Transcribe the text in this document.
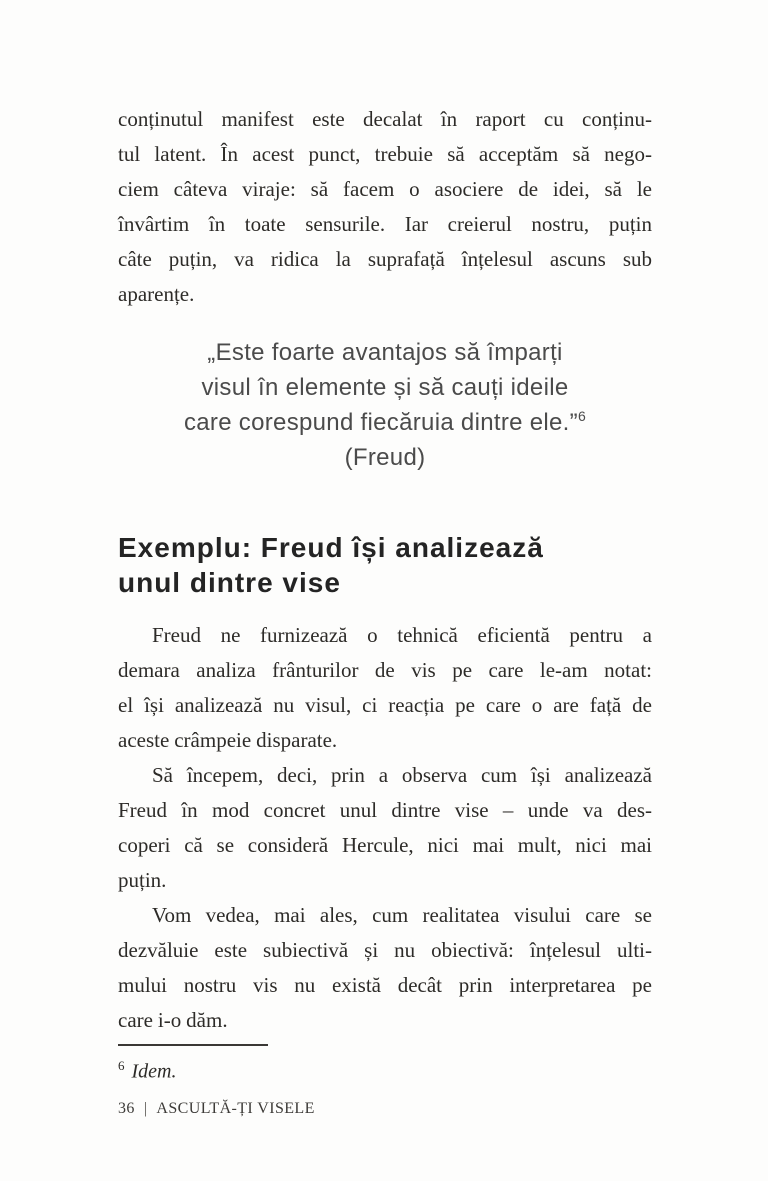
conținutul manifest este decalat în raport cu conținu-
tul latent. În acest punct, trebuie să acceptăm să nego-
ciem câteva viraje: să facem o asociere de idei, să le
învârtim în toate sensurile. Iar creierul nostru, puțin
câte puțin, va ridica la suprafață înțelesul ascuns sub
aparențe.
„Este foarte avantajos să împarți
visul în elemente și să cauți ideile
care corespund fiecăruia dintre ele.”$^6$
(Freud)
Exemplu: Freud își analizează
unul dintre vise
Freud ne furnizează o tehnică eficientă pentru a
demara analiza frânturilor de vis pe care le-am notat:
el își analizează nu visul, ci reacția pe care o are față de
aceste crâmpeie disparate.
Să începem, deci, prin a observa cum își analizează
Freud în mod concret unul dintre vise – unde va des-
coperi că se consideră Hercule, nici mai mult, nici mai
puțin.
Vom vedea, mai ales, cum realitatea visului care se
dezvăluie este subiectivă și nu obiectivă: înțelesul ulti-
mului nostru vis nu există decât prin interpretarea pe
care i-o dăm.
$^6$ Idem.
36 | ASCULTĂ-ȚI VISELE
